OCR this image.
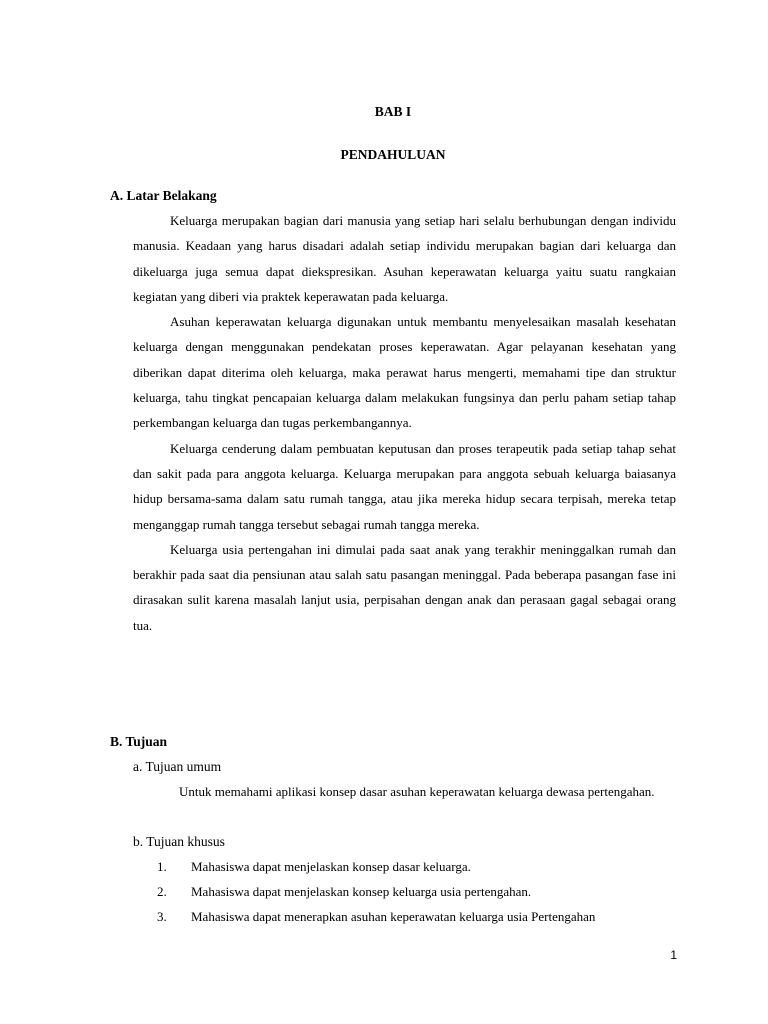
BAB I
PENDAHULUAN
A. Latar Belakang

Keluarga merupakan bagian dari manusia yang setiap hari selalu berhubungan dengan individu manusia. Keadaan yang harus disadari adalah setiap individu merupakan bagian dari keluarga dan dikeluarga juga semua dapat diekspresikan. Asuhan keperawatan keluarga yaitu suatu rangkaian kegiatan yang diberi via praktek keperawatan pada keluarga.

Asuhan keperawatan keluarga digunakan untuk membantu menyelesaikan masalah kesehatan keluarga dengan menggunakan pendekatan proses keperawatan. Agar pelayanan kesehatan yang diberikan dapat diterima oleh keluarga, maka perawat harus mengerti, memahami tipe dan struktur keluarga, tahu tingkat pencapaian keluarga dalam melakukan fungsinya dan perlu paham setiap tahap perkembangan keluarga dan tugas perkembangannya.

Keluarga cenderung dalam pembuatan keputusan dan proses terapeutik pada setiap tahap sehat dan sakit pada para anggota keluarga. Keluarga merupakan para anggota sebuah keluarga baiasanya hidup bersama-sama dalam satu rumah tangga, atau jika mereka hidup secara terpisah, mereka tetap menganggap rumah tangga tersebut sebagai rumah tangga mereka.

Keluarga usia pertengahan ini dimulai pada saat anak yang terakhir meninggalkan rumah dan berakhir pada saat dia pensiunan atau salah satu pasangan meninggal. Pada beberapa pasangan fase ini dirasakan sulit karena masalah lanjut usia, perpisahan dengan anak dan perasaan gagal sebagai orang tua.

B. Tujuan
a. Tujuan umum

Untuk memahami aplikasi konsep dasar asuhan keperawatan keluarga dewasa pertengahan.

b. Tujuan khusus
1. Mahasiswa dapat menjelaskan konsep dasar keluarga.
2. Mahasiswa dapat menjelaskan konsep keluarga usia pertengahan.
3. Mahasiswa dapat menerapkan asuhan keperawatan keluarga usia Pertengahan
1
